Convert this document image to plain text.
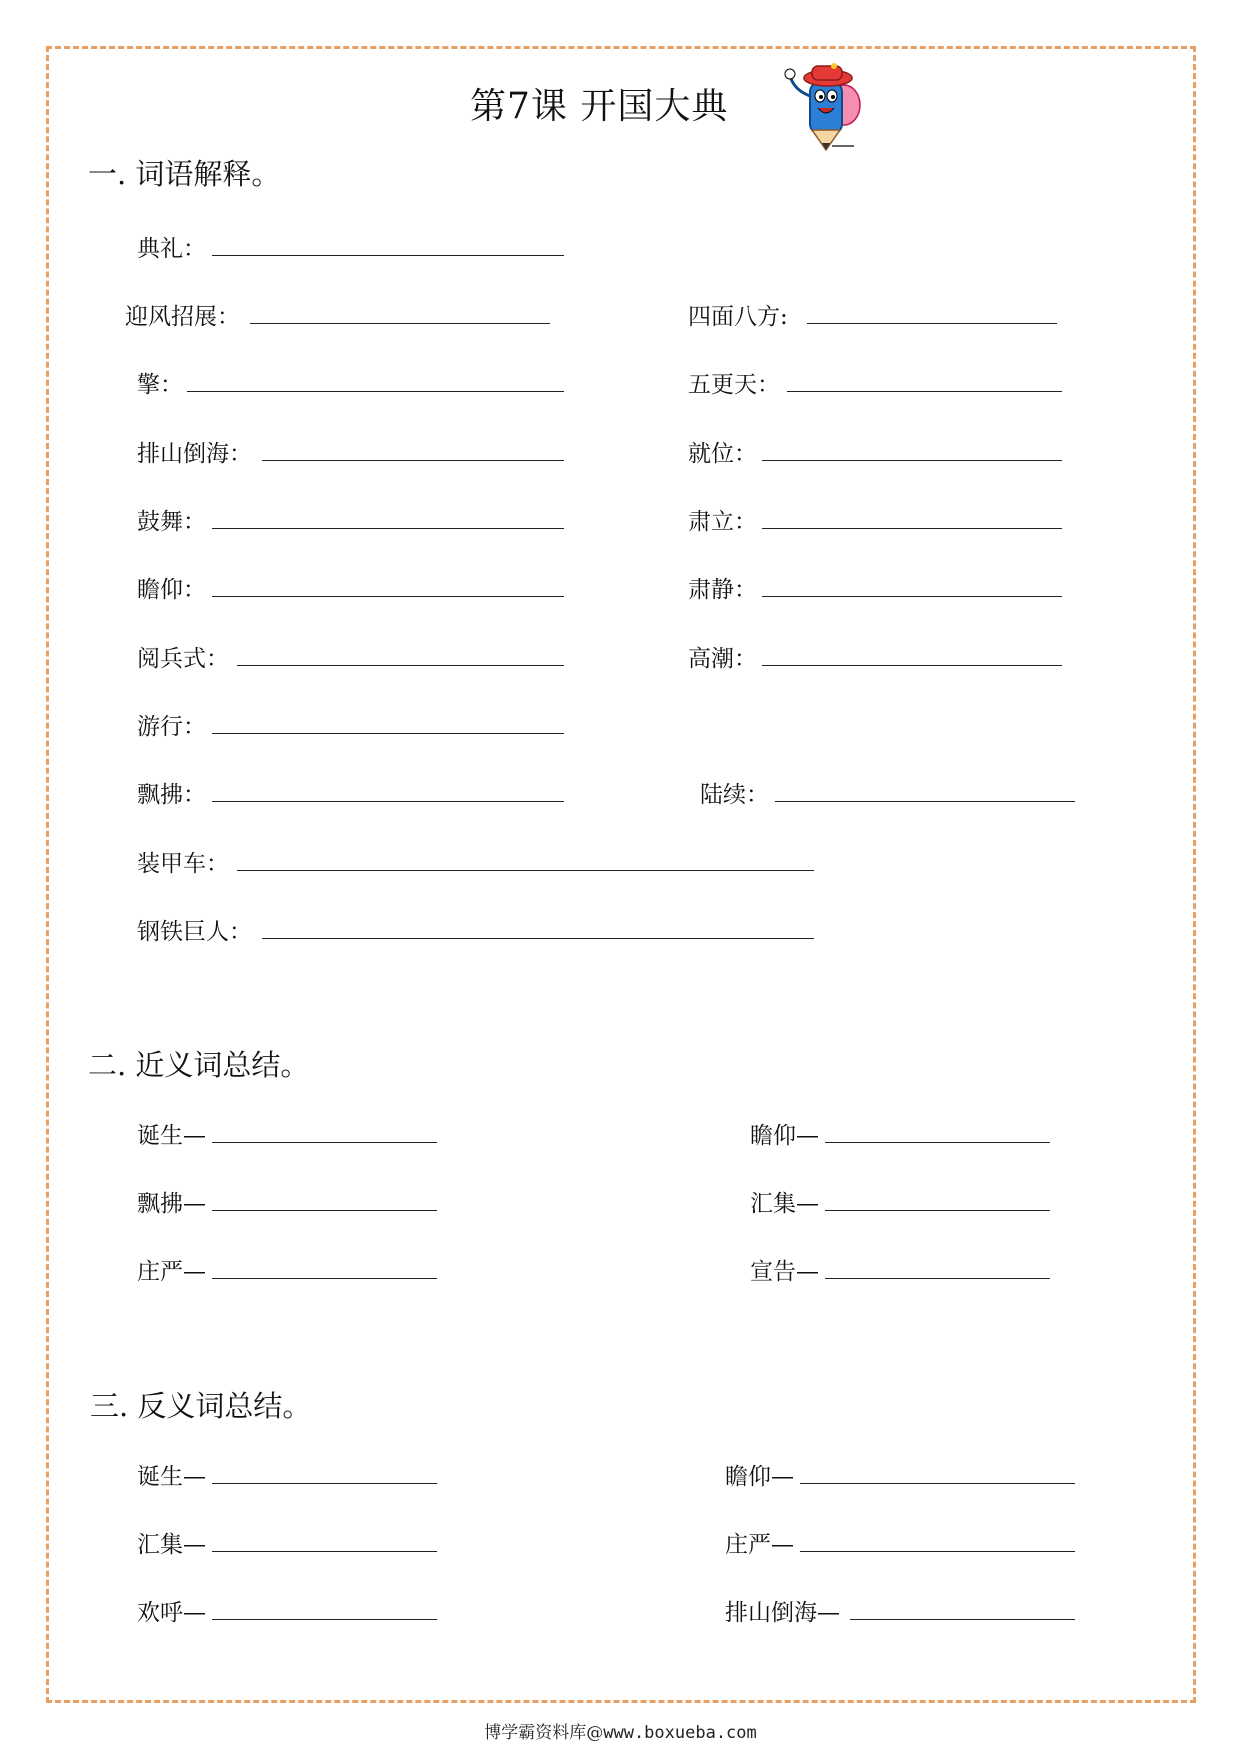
第7课 开国大典
一. 词语解释。
典礼：
迎风招展：	四面八方:
擎：	五更天：
排山倒海：	就位：
鼓舞：	肃立：
瞻仰：	肃静：
阅兵式：	高潮：
游行：
飘拂：	陆续：
装甲车：
钢铁巨人：
二. 近义词总结。
诞生—	瞻仰—
飘拂—	汇集—
庄严—	宣告—
三. 反义词总结。
诞生—	瞻仰—
汇集—	庄严—
欢呼—	排山倒海—
博学霸资料库@www.boxueba.com
